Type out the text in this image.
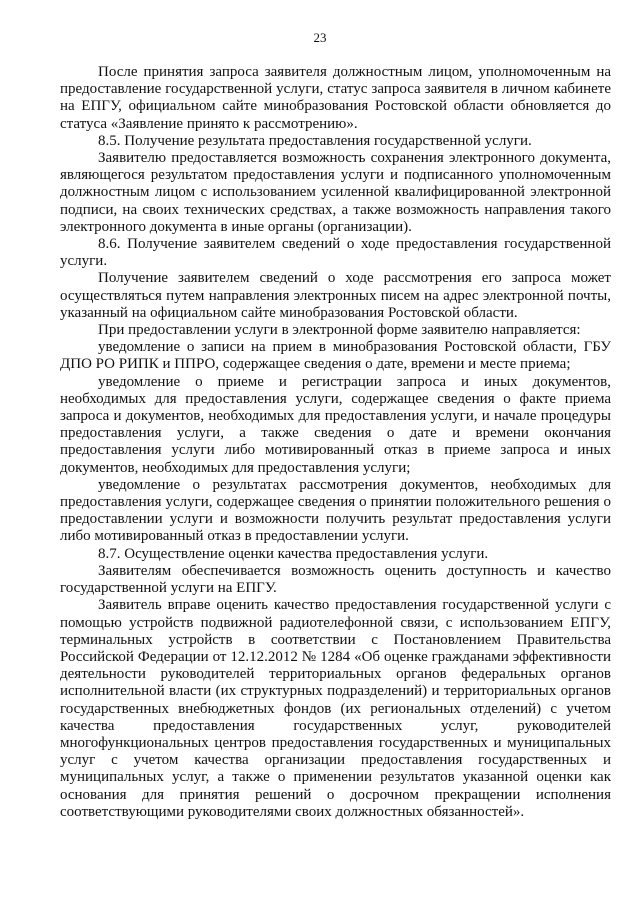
23

После принятия запроса заявителя должностным лицом, уполномоченным на предоставление государственной услуги, статус запроса заявителя в личном кабинете на ЕПГУ, официальном сайте минобразования Ростовской области обновляется до статуса «Заявление принято к рассмотрению».

8.5. Получение результата предоставления государственной услуги.

Заявителю предоставляется возможность сохранения электронного документа, являющегося результатом предоставления услуги и подписанного уполномоченным должностным лицом с использованием усиленной квалифицированной электронной подписи, на своих технических средствах, а также возможность направления такого электронного документа в иные органы (организации).

8.6. Получение заявителем сведений о ходе предоставления государственной услуги.

Получение заявителем сведений о ходе рассмотрения его запроса может осуществляться путем направления электронных писем на адрес электронной почты, указанный на официальном сайте минобразования Ростовской области.

При предоставлении услуги в электронной форме заявителю направляется:

уведомление о записи на прием в минобразования Ростовской области, ГБУ ДПО РО РИПК и ППРО, содержащее сведения о дате, времени и месте приема;

уведомление о приеме и регистрации запроса и иных документов, необходимых для предоставления услуги, содержащее сведения о факте приема запроса и документов, необходимых для предоставления услуги, и начале процедуры предоставления услуги, а также сведения о дате и времени окончания предоставления услуги либо мотивированный отказ в приеме запроса и иных документов, необходимых для предоставления услуги;

уведомление о результатах рассмотрения документов, необходимых для предоставления услуги, содержащее сведения о принятии положительного решения о предоставлении услуги и возможности получить результат предоставления услуги либо мотивированный отказ в предоставлении услуги.

8.7. Осуществление оценки качества предоставления услуги.

Заявителям обеспечивается возможность оценить доступность и качество государственной услуги на ЕПГУ.

Заявитель вправе оценить качество предоставления государственной услуги с помощью устройств подвижной радиотелефонной связи, с использованием ЕПГУ, терминальных устройств в соответствии с Постановлением Правительства Российской Федерации от 12.12.2012 № 1284 «Об оценке гражданами эффективности деятельности руководителей территориальных органов федеральных органов исполнительной власти (их структурных подразделений) и территориальных органов государственных внебюджетных фондов (их региональных отделений) с учетом качества предоставления государственных услуг, руководителей многофункциональных центров предоставления государственных и муниципальных услуг с учетом качества организации предоставления государственных и муниципальных услуг, а также о применении результатов указанной оценки как основания для принятия решений о досрочном прекращении исполнения соответствующими руководителями своих должностных обязанностей».
